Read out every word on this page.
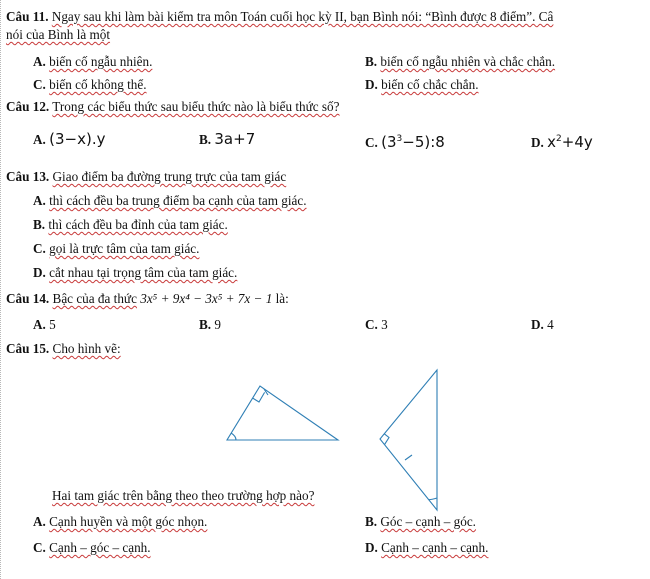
Câu 11. Ngay sau khi làm bài kiểm tra môn Toán cuối học kỳ II, bạn Bình nói: “Bình được 8 điểm”. Câ
nói của Bình là một
A. biến cố ngẫu nhiên.	B. biến cố ngẫu nhiên và chắc chắn.
C. biến cố không thể.	D. biến cố chắc chắn.
Câu 12. Trong các biểu thức sau biểu thức nào là biểu thức số?
A. (3−x).y	B. 3a+7	C. $(3^3-5):8$	D. $x^2+4y$
Câu 13. Giao điểm ba đường trung trực của tam giác
A. thì cách đều ba trung điểm ba cạnh của tam giác.
B. thì cách đều ba đỉnh của tam giác.
C. gọi là trực tâm của tam giác.
D. cắt nhau tại trọng tâm của tam giác.
Câu 14. Bậc của đa thức 3x⁵ + 9x⁴ − 3x⁵ + 7x − 1 là:
A. 5	B. 9	C. 3	D. 4
Câu 15. Cho hình vẽ:
Hai tam giác trên bằng theo theo trường hợp nào?
A. Cạnh huyền và một góc nhọn.	B. Góc – cạnh – góc.
C. Cạnh – góc – cạnh.	D. Cạnh – cạnh – cạnh.
